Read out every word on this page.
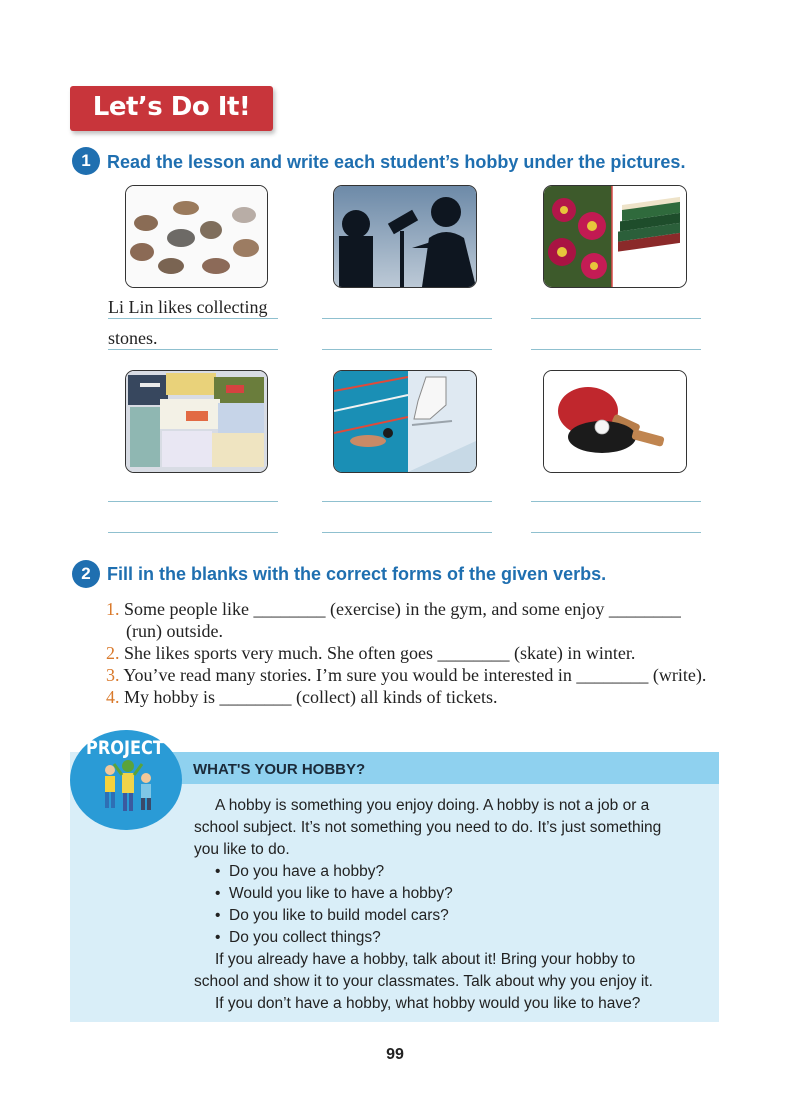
Let’s Do It!
1 Read the lesson and write each student’s hobby under the pictures.
Li Lin likes collecting
stones.
2 Fill in the blanks with the correct forms of the given verbs.
1. Some people like ________ (exercise) in the gym, and some enjoy ________
(run) outside.
2. She likes sports very much. She often goes ________ (skate) in winter.
3. You’ve read many stories. I’m sure you would be interested in ________ (write).
4. My hobby is ________ (collect) all kinds of tickets.
WHAT'S YOUR HOBBY?
PROJECT
A hobby is something you enjoy doing. A hobby is not a job or a
school subject. It’s not something you need to do. It’s just something
you like to do.
•  Do you have a hobby?
•  Would you like to have a hobby?
•  Do you like to build model cars?
•  Do you collect things?
If you already have a hobby, talk about it! Bring your hobby to
school and show it to your classmates. Talk about why you enjoy it.
If you don’t have a hobby, what hobby would you like to have?
99
